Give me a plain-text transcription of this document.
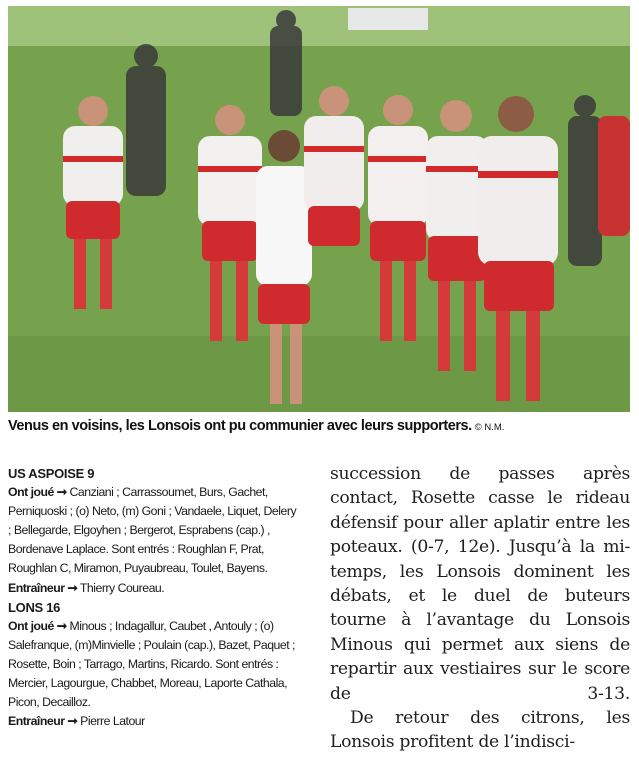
Venus en voisins, les Lonsois ont pu communier avec leurs supporters. © N.M.

US ASPOISE 9

Ont joué ➞ Canziani ; Carrassoumet, Burs, Gachet, Perniquoski ; (o) Neto, (m) Goni ; Vandaele, Liquet, Delery ; Bellegarde, Elgoyhen ; Bergerot, Esprabens (cap.) , Bordenave Laplace. Sont entrés : Roughlan F, Prat, Roughlan C, Miramon, Puyaubreau, Toulet, Bayens.

Entraîneur ➞ Thierry Coureau.

LONS 16

Ont joué ➞ Minous ; Indagallur, Caubet , Antouly ; (o) Salefranque, (m)Minvielle ; Poulain (cap.), Bazet, Paquet ; Rosette, Boin ; Tarrago, Martins, Ricardo. Sont entrés : Mercier, Lagourgue, Chabbet, Moreau, Laporte Cathala, Picon, Decailloz.

Entraîneur ➞ Pierre Latour

succession de passes après contact, Rosette casse le rideau défensif pour aller aplatir entre les poteaux. (0-7, 12e). Jusqu’à la mi-temps, les Lonsois dominent les débats, et le duel de buteurs tourne à l’avantage du Lonsois Minous qui permet aux siens de repartir aux vestiaires sur le score de 3-13.

De retour des citrons, les Lonsois profitent de l’indisci-
